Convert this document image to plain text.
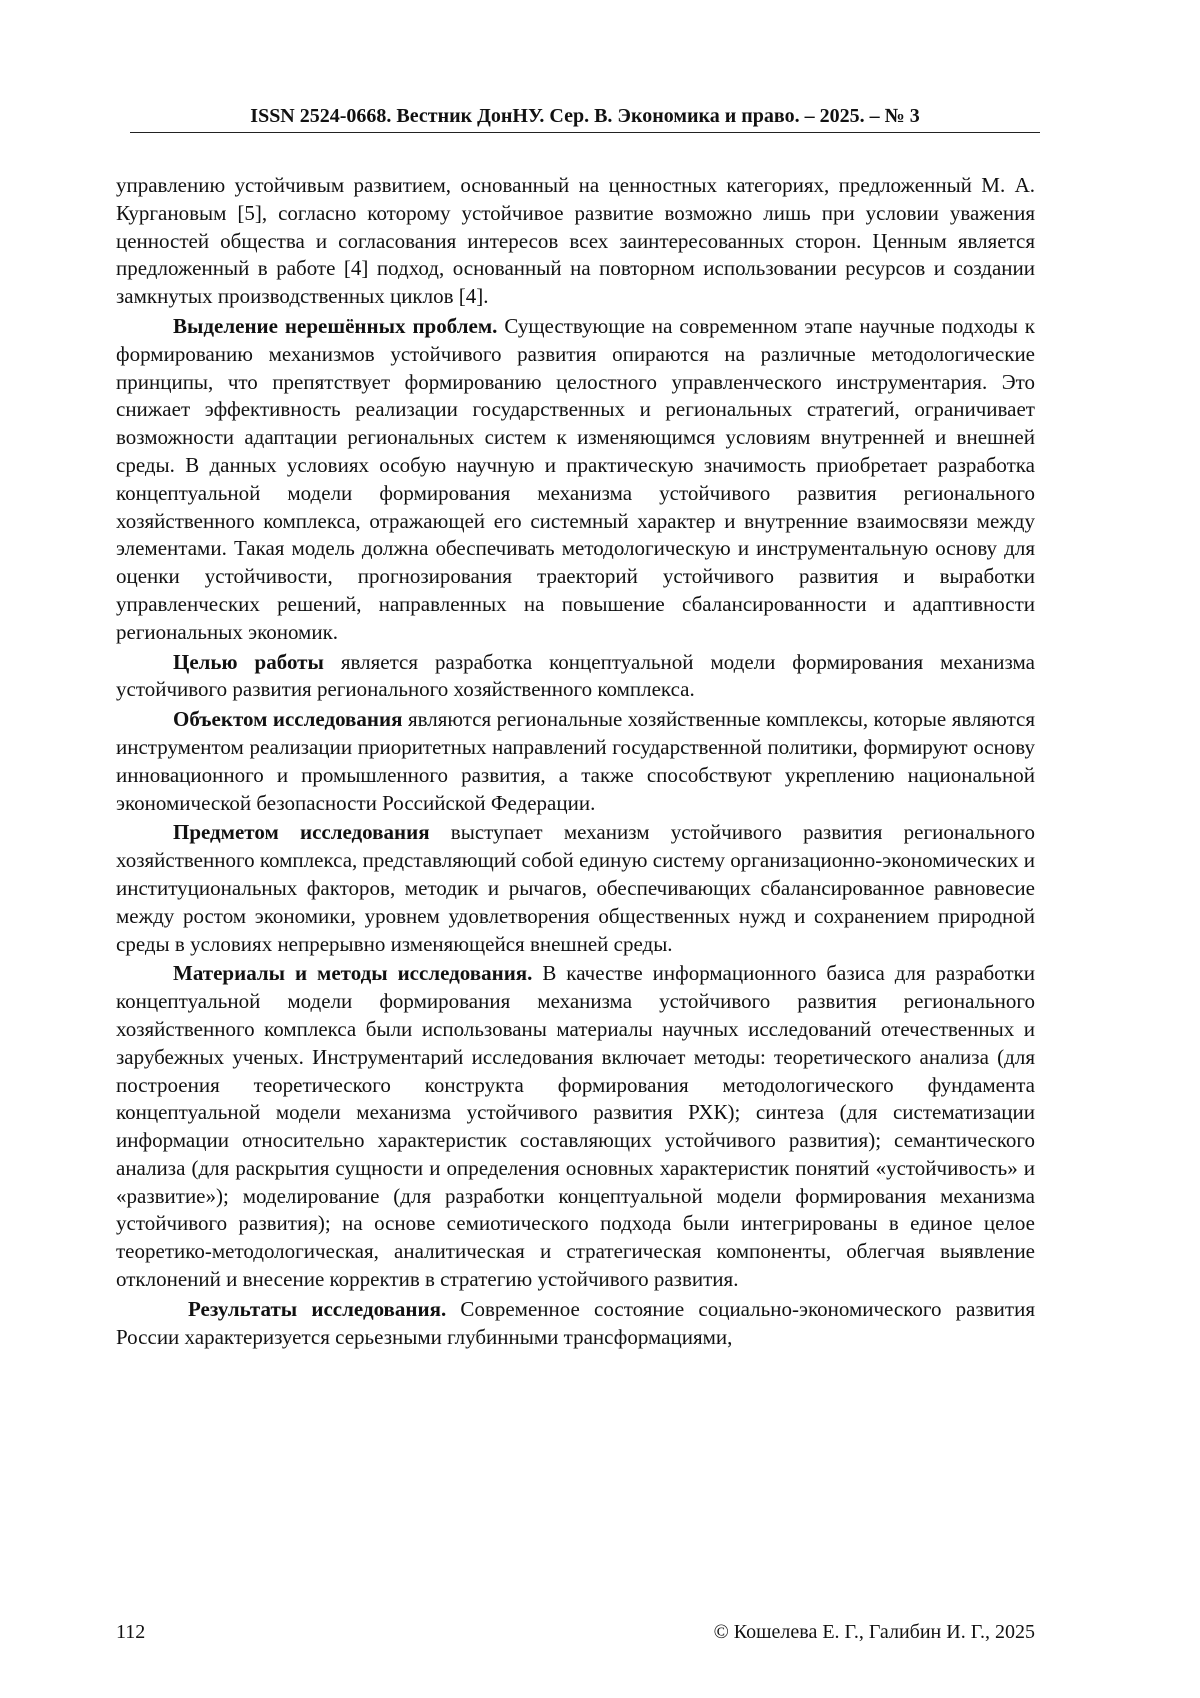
ISSN 2524-0668. Вестник ДонНУ. Сер. В. Экономика и право. – 2025. – № 3

управлению устойчивым развитием, основанный на ценностных категориях, предложенный М. А. Кургановым [5], согласно которому устойчивое развитие возможно лишь при условии уважения ценностей общества и согласования интересов всех заинтересованных сторон. Ценным является предложенный в работе [4] подход, основанный на повторном использовании ресурсов и создании замкнутых производственных циклов [4].

Выделение нерешённых проблем. Существующие на современном этапе научные подходы к формированию механизмов устойчивого развития опираются на различные методологические принципы, что препятствует формированию целостного управленческого инструментария. Это снижает эффективность реализации государственных и региональных стратегий, ограничивает возможности адаптации региональных систем к изменяющимся условиям внутренней и внешней среды. В данных условиях особую научную и практическую значимость приобретает разработка концептуальной модели формирования механизма устойчивого развития регионального хозяйственного комплекса, отражающей его системный характер и внутренние взаимосвязи между элементами. Такая модель должна обеспечивать методологическую и инструментальную основу для оценки устойчивости, прогнозирования траекторий устойчивого развития и выработки управленческих решений, направленных на повышение сбалансированности и адаптивности региональных экономик.

Целью работы является разработка концептуальной модели формирования механизма устойчивого развития регионального хозяйственного комплекса.

Объектом исследования являются региональные хозяйственные комплексы, которые являются инструментом реализации приоритетных направлений государственной политики, формируют основу инновационного и промышленного развития, а также способствуют укреплению национальной экономической безопасности Российской Федерации.

Предметом исследования выступает механизм устойчивого развития регионального хозяйственного комплекса, представляющий собой единую систему организационно-экономических и институциональных факторов, методик и рычагов, обеспечивающих сбалансированное равновесие между ростом экономики, уровнем удовлетворения общественных нужд и сохранением природной среды в условиях непрерывно изменяющейся внешней среды.

Материалы и методы исследования. В качестве информационного базиса для разработки концептуальной модели формирования механизма устойчивого развития регионального хозяйственного комплекса были использованы материалы научных исследований отечественных и зарубежных ученых. Инструментарий исследования включает методы: теоретического анализа (для построения теоретического конструкта формирования методологического фундамента концептуальной модели механизма устойчивого развития РХК); синтеза (для систематизации информации относительно характеристик составляющих устойчивого развития); семантического анализа (для раскрытия сущности и определения основных характеристик понятий «устойчивость» и «развитие»); моделирование (для разработки концептуальной модели формирования механизма устойчивого развития); на основе семиотического подхода были интегрированы в единое целое теоретико-методологическая, аналитическая и стратегическая компоненты, облегчая выявление отклонений и внесение корректив в стратегию устойчивого развития.

Результаты исследования. Современное состояние социально-экономического развития России характеризуется серьезными глубинными трансформациями,

112	© Кошелева Е. Г., Галибин И. Г., 2025
